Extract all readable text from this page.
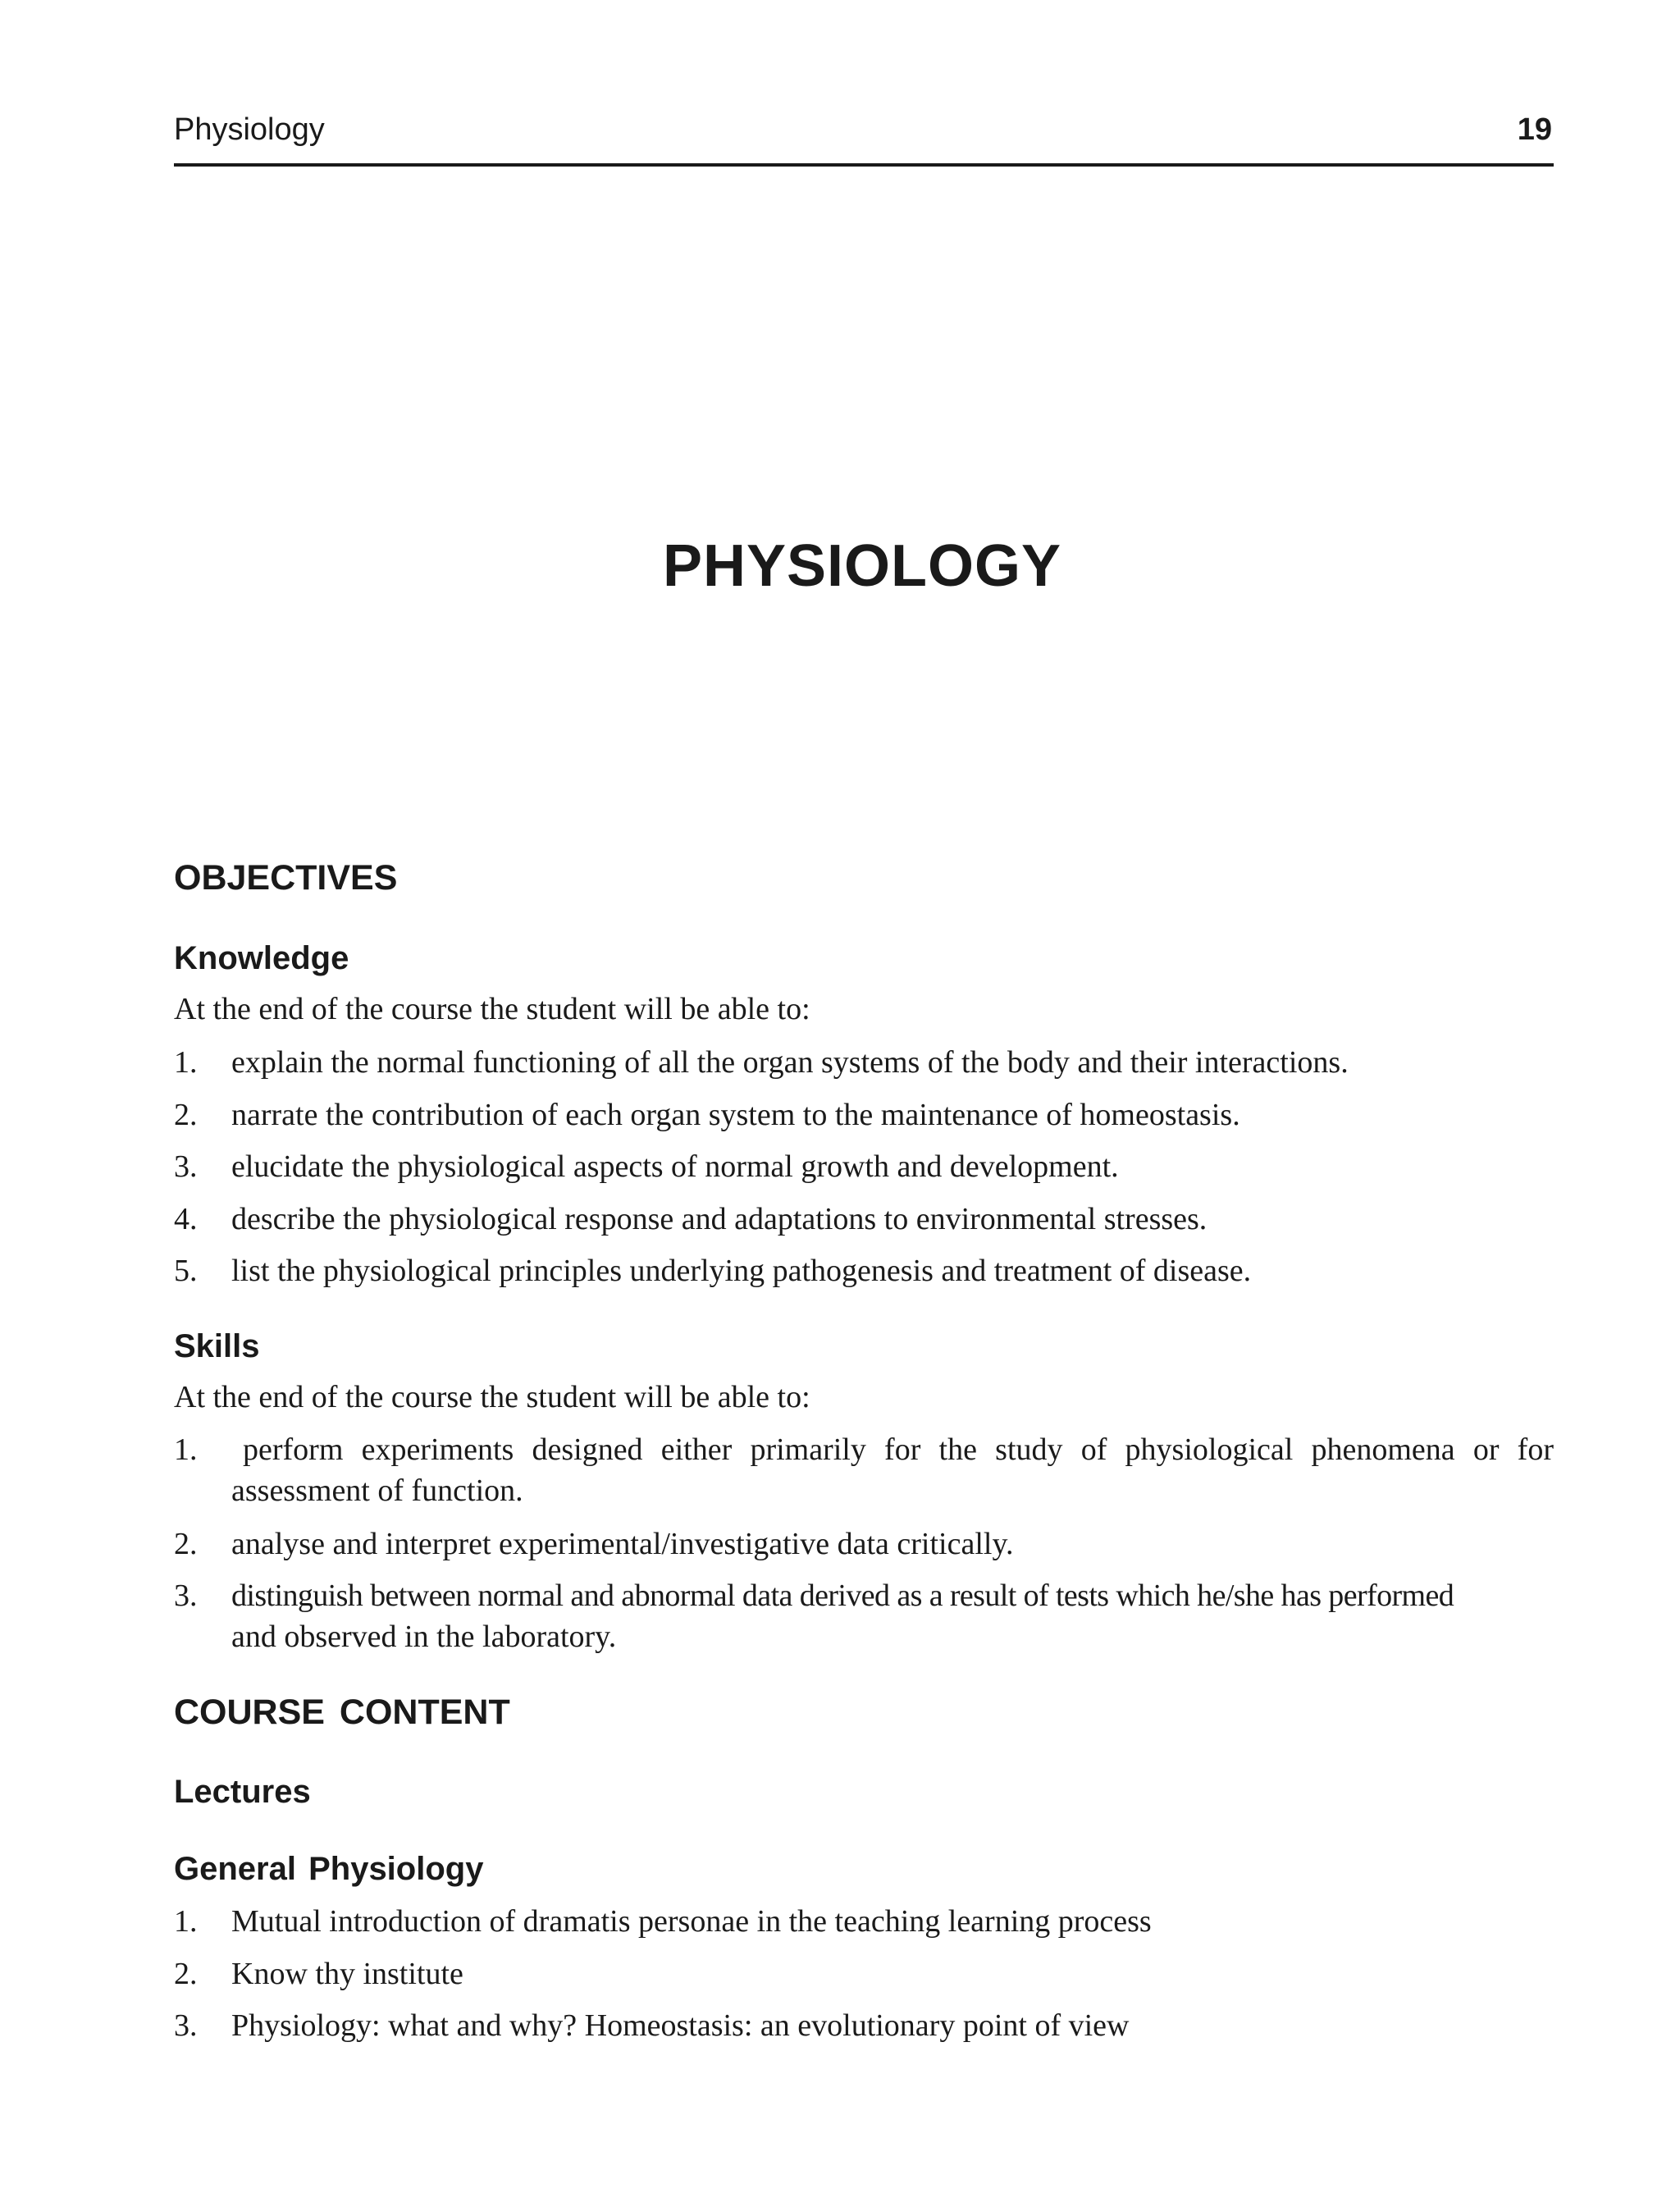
Physiology	19
PHYSIOLOGY
OBJECTIVES
Knowledge
At the end of the course the student will be able to:
1.	explain the normal functioning of all the organ systems of the body and their interactions.
2.	narrate the contribution of each organ system to the maintenance of homeostasis.
3.	elucidate the physiological aspects of normal growth and development.
4.	describe the physiological response and adaptations to environmental stresses.
5.	list the physiological principles underlying pathogenesis and treatment of disease.
Skills
At the end of the course the student will be able to:
1.	perform experiments designed either primarily for the study of physiological phenomena or for
assessment of function.
2.	analyse and interpret experimental/investigative data critically.
3.	distinguish between normal and abnormal data derived as a result of tests which he/she has performed
and observed in the laboratory.
COURSE CONTENT
Lectures
General Physiology
1.	Mutual introduction of dramatis personae in the teaching learning process
2.	Know thy institute
3.	Physiology: what and why? Homeostasis: an evolutionary point of view
